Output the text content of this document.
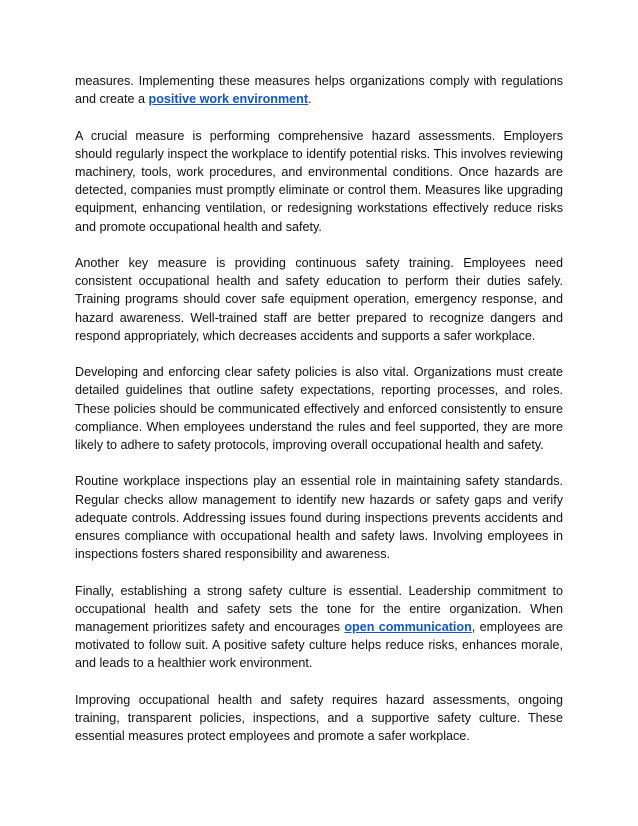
measures. Implementing these measures helps organizations comply with regulations and create a positive work environment.

A crucial measure is performing comprehensive hazard assessments. Employers should regularly inspect the workplace to identify potential risks. This involves reviewing machinery, tools, work procedures, and environmental conditions. Once hazards are detected, companies must promptly eliminate or control them. Measures like upgrading equipment, enhancing ventilation, or redesigning workstations effectively reduce risks and promote occupational health and safety.

Another key measure is providing continuous safety training. Employees need consistent occupational health and safety education to perform their duties safely. Training programs should cover safe equipment operation, emergency response, and hazard awareness. Well-trained staff are better prepared to recognize dangers and respond appropriately, which decreases accidents and supports a safer workplace.

Developing and enforcing clear safety policies is also vital. Organizations must create detailed guidelines that outline safety expectations, reporting processes, and roles. These policies should be communicated effectively and enforced consistently to ensure compliance. When employees understand the rules and feel supported, they are more likely to adhere to safety protocols, improving overall occupational health and safety.

Routine workplace inspections play an essential role in maintaining safety standards. Regular checks allow management to identify new hazards or safety gaps and verify adequate controls. Addressing issues found during inspections prevents accidents and ensures compliance with occupational health and safety laws. Involving employees in inspections fosters shared responsibility and awareness.

Finally, establishing a strong safety culture is essential. Leadership commitment to occupational health and safety sets the tone for the entire organization. When management prioritizes safety and encourages open communication, employees are motivated to follow suit. A positive safety culture helps reduce risks, enhances morale, and leads to a healthier work environment.

Improving occupational health and safety requires hazard assessments, ongoing training, transparent policies, inspections, and a supportive safety culture. These essential measures protect employees and promote a safer workplace.
